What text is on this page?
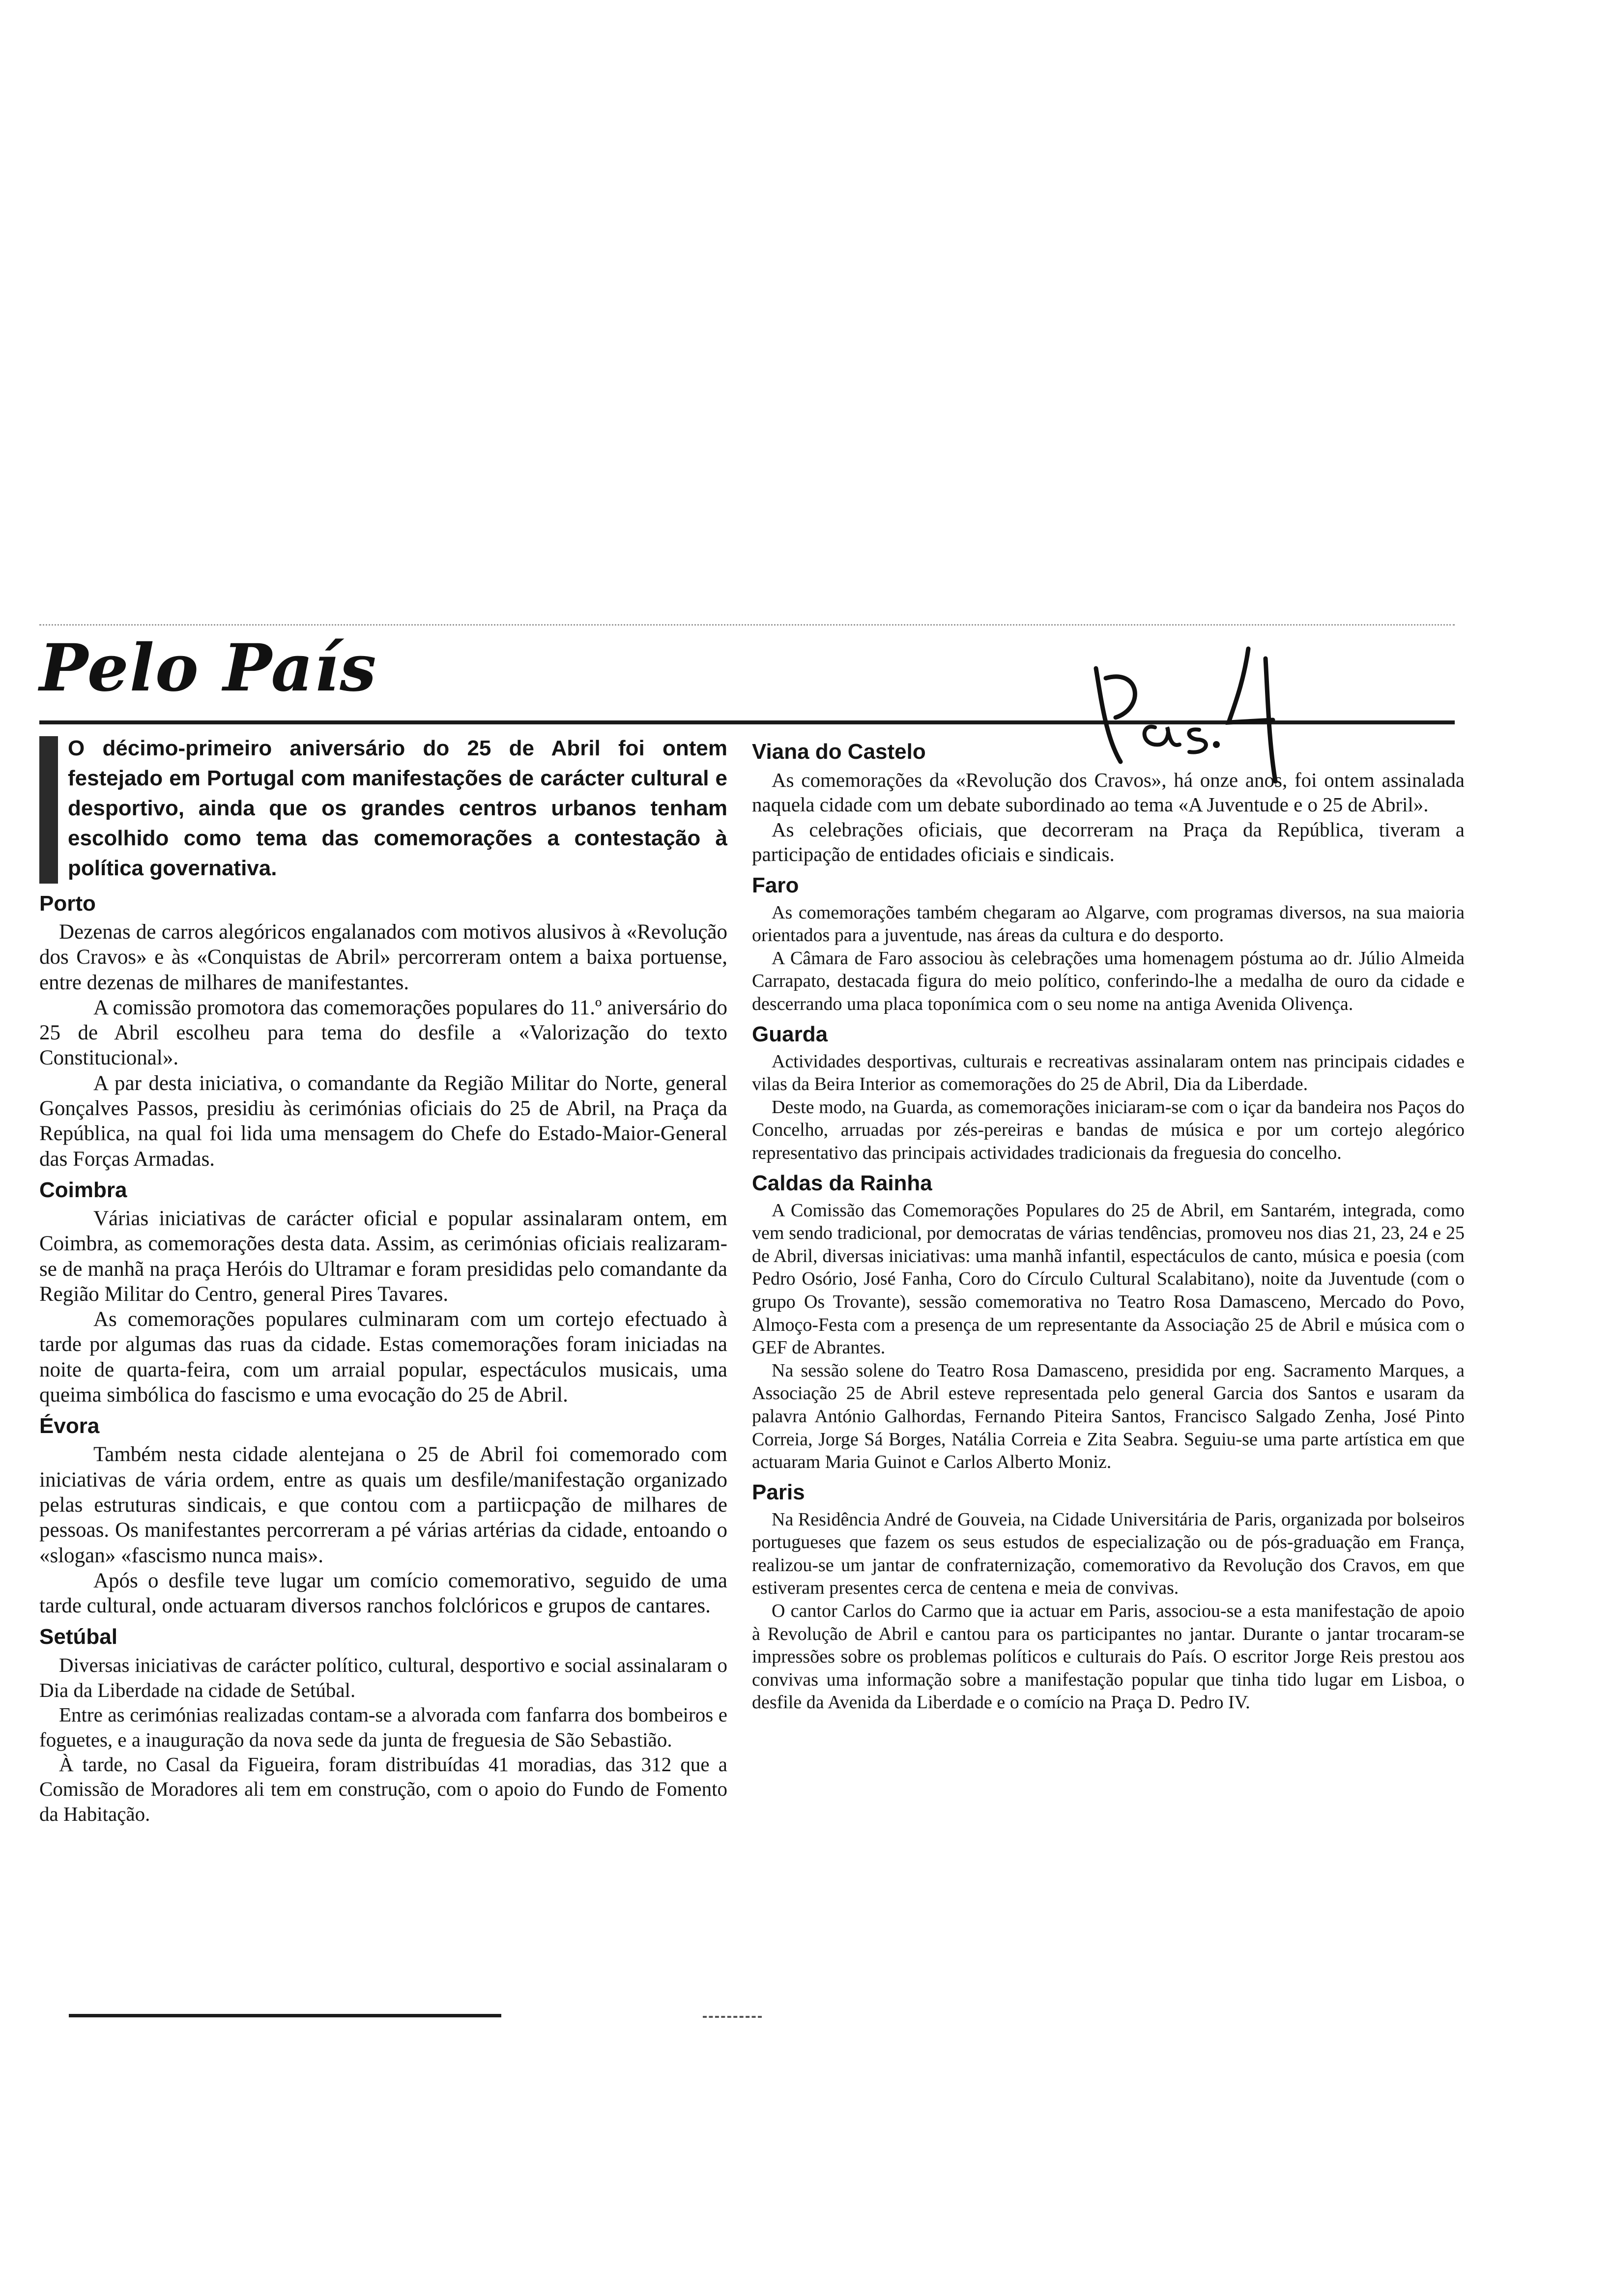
Pelo País

O décimo-primeiro aniversário do 25 de Abril foi ontem festejado em Portugal com manifestações de carácter cultural e desportivo, ainda que os grandes centros urbanos tenham escolhido como tema das comemorações a contestação à política governativa.

Porto

Dezenas de carros alegóricos engalanados com motivos alusivos à «Revolução dos Cravos» e às «Conquistas de Abril» percorreram ontem a baixa portuense, entre dezenas de milhares de manifestantes.

A comissão promotora das comemorações populares do 11.º aniversário do 25 de Abril escolheu para tema do desfile a «Valorização do texto Constitucional».

A par desta iniciativa, o comandante da Região Militar do Norte, general Gonçalves Passos, presidiu às cerimónias oficiais do 25 de Abril, na Praça da República, na qual foi lida uma mensagem do Chefe do Estado-Maior-General das Forças Armadas.

Coimbra

Várias iniciativas de carácter oficial e popular assinalaram ontem, em Coimbra, as comemorações desta data. Assim, as cerimónias oficiais realizaram-se de manhã na praça Heróis do Ultramar e foram presididas pelo comandante da Região Militar do Centro, general Pires Tavares.

As comemorações populares culminaram com um cortejo efectuado à tarde por algumas das ruas da cidade. Estas comemorações foram iniciadas na noite de quarta-feira, com um arraial popular, espectáculos musicais, uma queima simbólica do fascismo e uma evocação do 25 de Abril.

Évora

Também nesta cidade alentejana o 25 de Abril foi comemorado com iniciativas de vária ordem, entre as quais um desfile/manifestação organizado pelas estruturas sindicais, e que contou com a partiicpação de milhares de pessoas. Os manifestantes percorreram a pé várias artérias da cidade, entoando o «slogan» «fascismo nunca mais».

Após o desfile teve lugar um comício comemorativo, seguido de uma tarde cultural, onde actuaram diversos ranchos folclóricos e grupos de cantares.

Setúbal

Diversas iniciativas de carácter político, cultural, desportivo e social assinalaram o Dia da Liberdade na cidade de Setúbal.

Entre as cerimónias realizadas contam-se a alvorada com fanfarra dos bombeiros e foguetes, e a inauguração da nova sede da junta de freguesia de São Sebastião.

À tarde, no Casal da Figueira, foram distribuídas 41 moradias, das 312 que a Comissão de Moradores ali tem em construção, com o apoio do Fundo de Fomento da Habitação.

Viana do Castelo

As comemorações da «Revolução dos Cravos», há onze anos, foi ontem assinalada naquela cidade com um debate subordinado ao tema «A Juventude e o 25 de Abril».

As celebrações oficiais, que decorreram na Praça da República, tiveram a participação de entidades oficiais e sindicais.

Faro

As comemorações também chegaram ao Algarve, com programas diversos, na sua maioria orientados para a juventude, nas áreas da cultura e do desporto.

A Câmara de Faro associou às celebrações uma homenagem póstuma ao dr. Júlio Almeida Carrapato, destacada figura do meio político, conferindo-lhe a medalha de ouro da cidade e descerrando uma placa toponímica com o seu nome na antiga Avenida Olivença.

Guarda

Actividades desportivas, culturais e recreativas assinalaram ontem nas principais cidades e vilas da Beira Interior as comemorações do 25 de Abril, Dia da Liberdade.

Deste modo, na Guarda, as comemorações iniciaram-se com o içar da bandeira nos Paços do Concelho, arruadas por zés-pereiras e bandas de música e por um cortejo alegórico representativo das principais actividades tradicionais da freguesia do concelho.

Caldas da Rainha

A Comissão das Comemorações Populares do 25 de Abril, em Santarém, integrada, como vem sendo tradicional, por democratas de várias tendências, promoveu nos dias 21, 23, 24 e 25 de Abril, diversas iniciativas: uma manhã infantil, espectáculos de canto, música e poesia (com Pedro Osório, José Fanha, Coro do Círculo Cultural Scalabitano), noite da Juventude (com o grupo Os Trovante), sessão comemorativa no Teatro Rosa Damasceno, Mercado do Povo, Almoço-Festa com a presença de um representante da Associação 25 de Abril e música com o GEF de Abrantes.

Na sessão solene do Teatro Rosa Damasceno, presidida por eng. Sacramento Marques, a Associação 25 de Abril esteve representada pelo general Garcia dos Santos e usaram da palavra António Galhordas, Fernando Piteira Santos, Francisco Salgado Zenha, José Pinto Correia, Jorge Sá Borges, Natália Correia e Zita Seabra. Seguiu-se uma parte artística em que actuaram Maria Guinot e Carlos Alberto Moniz.

Paris

Na Residência André de Gouveia, na Cidade Universitária de Paris, organizada por bolseiros portugueses que fazem os seus estudos de especialização ou de pós-graduação em França, realizou-se um jantar de confraternização, comemorativo da Revolução dos Cravos, em que estiveram presentes cerca de centena e meia de convivas.

O cantor Carlos do Carmo que ia actuar em Paris, associou-se a esta manifestação de apoio à Revolução de Abril e cantou para os participantes no jantar. Durante o jantar trocaram-se impressões sobre os problemas políticos e culturais do País. O escritor Jorge Reis prestou aos convivas uma informação sobre a manifestação popular que tinha tido lugar em Lisboa, o desfile da Avenida da Liberdade e o comício na Praça D. Pedro IV.
